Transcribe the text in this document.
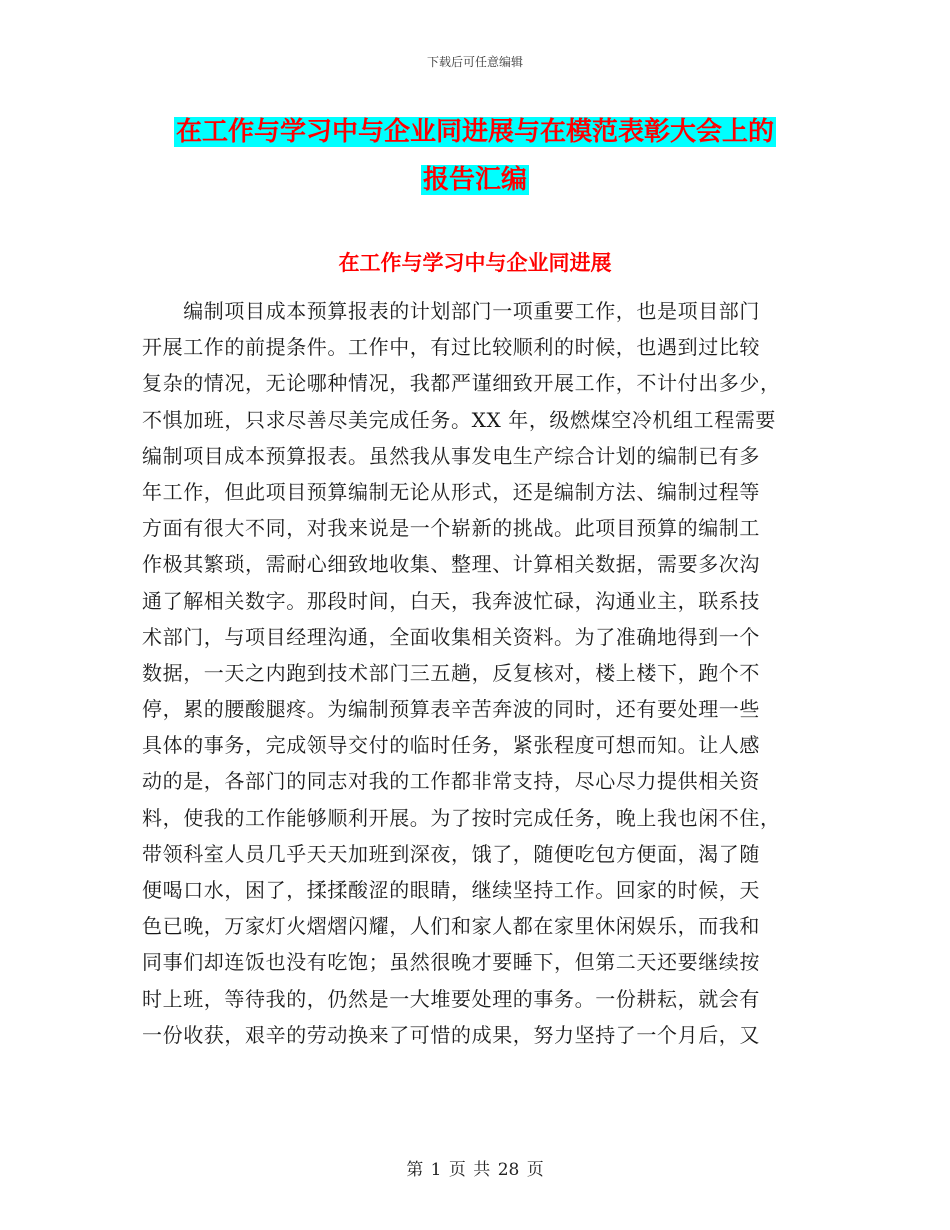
下载后可任意编辑
在工作与学习中与企业同进展与在模范表彰大会上的
报告汇编
在工作与学习中与企业同进展
　　编制项目成本预算报表的计划部门一项重要工作，也是项目部门
开展工作的前提条件。工作中，有过比较顺利的时候，也遇到过比较
复杂的情况，无论哪种情况，我都严谨细致开展工作，不计付出多少，
不惧加班，只求尽善尽美完成任务。XX 年，级燃煤空冷机组工程需要
编制项目成本预算报表。虽然我从事发电生产综合计划的编制已有多
年工作，但此项目预算编制无论从形式，还是编制方法、编制过程等
方面有很大不同，对我来说是一个崭新的挑战。此项目预算的编制工
作极其繁琐，需耐心细致地收集、整理、计算相关数据，需要多次沟
通了解相关数字。那段时间，白天，我奔波忙碌，沟通业主，联系技
术部门，与项目经理沟通，全面收集相关资料。为了准确地得到一个
数据，一天之内跑到技术部门三五趟，反复核对，楼上楼下，跑个不
停，累的腰酸腿疼。为编制预算表辛苦奔波的同时，还有要处理一些
具体的事务，完成领导交付的临时任务，紧张程度可想而知。让人感
动的是，各部门的同志对我的工作都非常支持，尽心尽力提供相关资
料，使我的工作能够顺利开展。为了按时完成任务，晚上我也闲不住，
带领科室人员几乎天天加班到深夜，饿了，随便吃包方便面，渴了随
便喝口水，困了，揉揉酸涩的眼睛，继续坚持工作。回家的时候，天
色已晚，万家灯火熠熠闪耀，人们和家人都在家里休闲娱乐，而我和
同事们却连饭也没有吃饱；虽然很晚才要睡下，但第二天还要继续按
时上班，等待我的，仍然是一大堆要处理的事务。一份耕耘，就会有
一份收获，艰辛的劳动换来了可惜的成果，努力坚持了一个月后，又
第 1 页 共 28 页
